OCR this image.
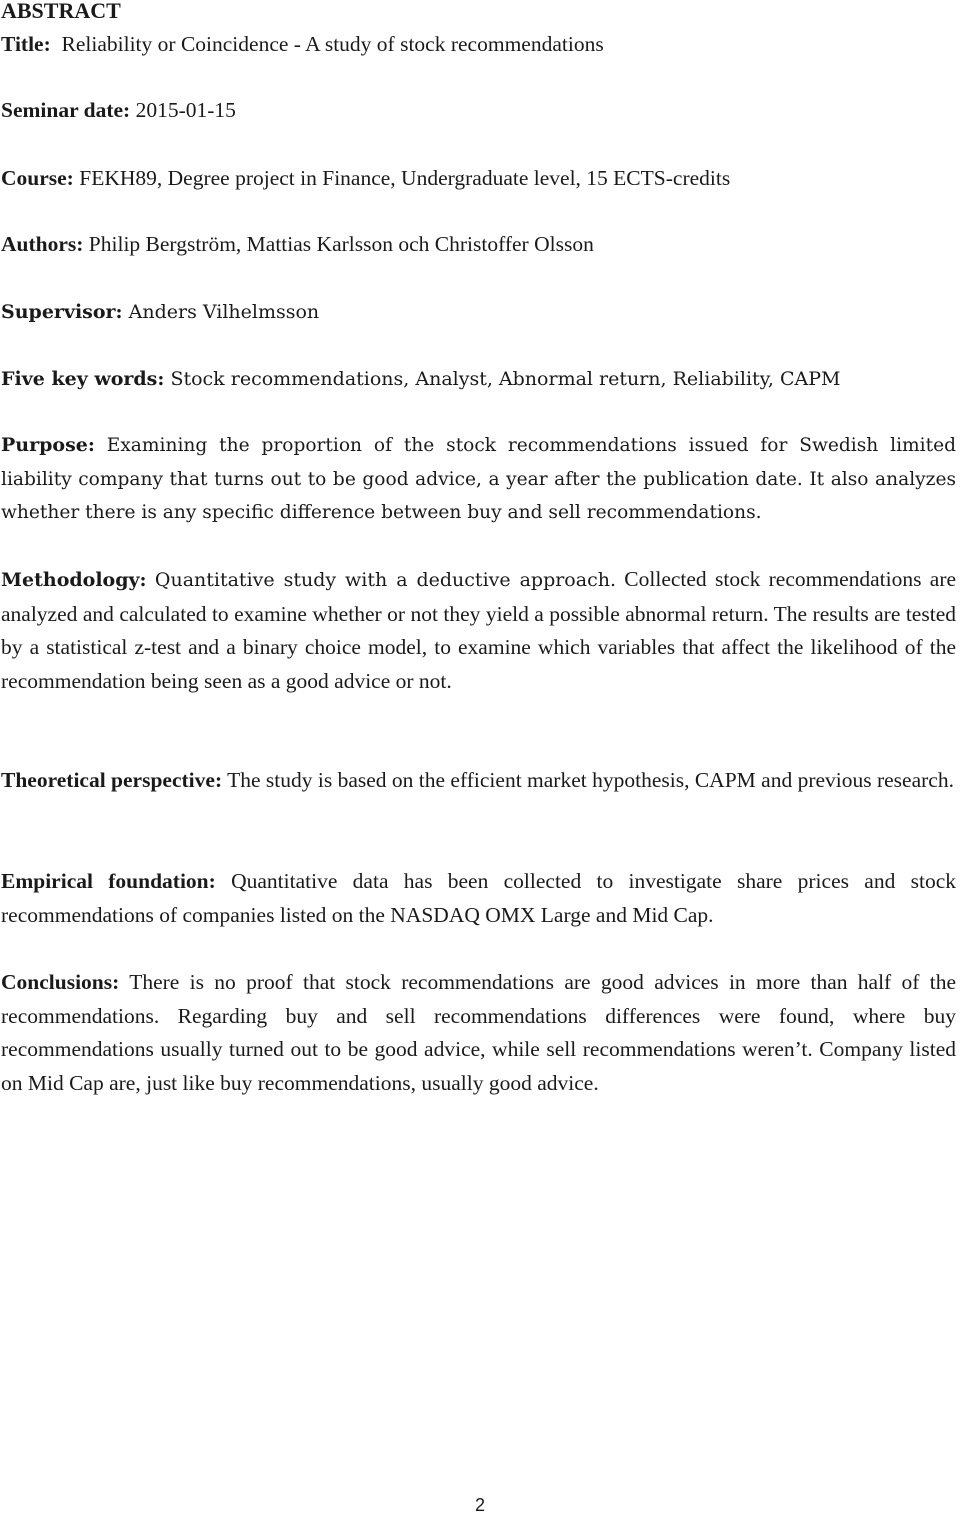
ABSTRACT

Title: Reliability or Coincidence - A study of stock recommendations

Seminar date: 2015-01-15

Course: FEKH89, Degree project in Finance, Undergraduate level, 15 ECTS-credits

Authors: Philip Bergström, Mattias Karlsson och Christoffer Olsson

Supervisor: Anders Vilhelmsson

Five key words: Stock recommendations, Analyst, Abnormal return, Reliability, CAPM

Purpose: Examining the proportion of the stock recommendations issued for Swedish limited liability company that turns out to be good advice, a year after the publication date. It also analyzes whether there is any specific difference between buy and sell recommendations.

Methodology: Quantitative study with a deductive approach. Collected stock recommendations are analyzed and calculated to examine whether or not they yield a possible abnormal return. The results are tested by a statistical z-test and a binary choice model, to examine which variables that affect the likelihood of the recommendation being seen as a good advice or not.

Theoretical perspective: The study is based on the efficient market hypothesis, CAPM and previous research.

Empirical foundation: Quantitative data has been collected to investigate share prices and stock recommendations of companies listed on the NASDAQ OMX Large and Mid Cap.

Conclusions: There is no proof that stock recommendations are good advices in more than half of the recommendations. Regarding buy and sell recommendations differences were found, where buy recommendations usually turned out to be good advice, while sell recommendations weren’t. Company listed on Mid Cap are, just like buy recommendations, usually good advice.

2
